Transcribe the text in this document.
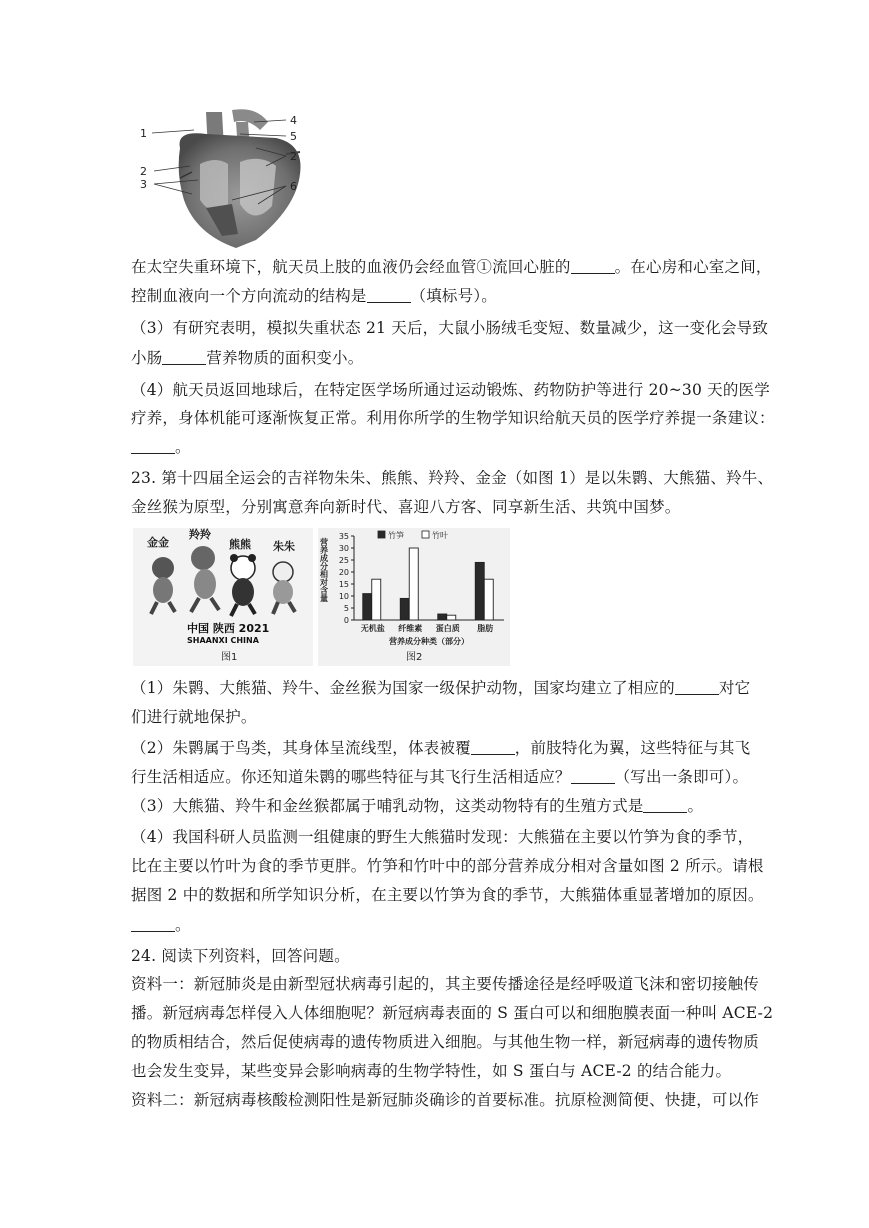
1
2
3
4
5
2
6
在太空失重环境下，航天员上肢的血液仍会经血管①流回心脏的	。在心房和心室之间，
控制血液向一个方向流动的结构是	（填标号）。
（3）有研究表明，模拟失重状态 21 天后，大鼠小肠绒毛变短、数量减少，这一变化会导致
小肠	营养物质的面积变小。
（4）航天员返回地球后，在特定医学场所通过运动锻炼、药物防护等进行 20~30 天的医学
疗养，身体机能可逐渐恢复正常。利用你所学的生物学知识给航天员的医学疗养提一条建议：
。
23. 第十四届全运会的吉祥物朱朱、熊熊、羚羚、金金（如图 1）是以朱鹮、大熊猫、羚牛、
金丝猴为原型，分别寓意奔向新时代、喜迎八方客、同享新生活、共筑中国梦。
金金
羚羚
熊熊 朱朱
中国 陕西 2021
SHAANXI CHINA
图1
营养成分相对含量
0
5
10
15
20
25
30
35	竹笋	竹叶
无机盐 纤维素 蛋白质 脂肪
营养成分种类（部分）
图2
（1）朱鹮、大熊猫、羚牛、金丝猴为国家一级保护动物，国家均建立了相应的	对它
们进行就地保护。
（2）朱鹮属于鸟类，其身体呈流线型，体表被覆	，前肢特化为翼，这些特征与其飞
行生活相适应。你还知道朱鹮的哪些特征与其飞行生活相适应？	（写出一条即可）。
（3）大熊猫、羚牛和金丝猴都属于哺乳动物，这类动物特有的生殖方式是	。
（4）我国科研人员监测一组健康的野生大熊猫时发现：大熊猫在主要以竹笋为食的季节，
比在主要以竹叶为食的季节更胖。竹笋和竹叶中的部分营养成分相对含量如图 2 所示。请根
据图 2 中的数据和所学知识分析，在主要以竹笋为食的季节，大熊猫体重显著增加的原因。
。
24. 阅读下列资料，回答问题。
资料一：新冠肺炎是由新型冠状病毒引起的，其主要传播途径是经呼吸道飞沫和密切接触传
播。新冠病毒怎样侵入人体细胞呢？新冠病毒表面的 S 蛋白可以和细胞膜表面一种叫 ACE-2
的物质相结合，然后促使病毒的遗传物质进入细胞。与其他生物一样，新冠病毒的遗传物质
也会发生变异，某些变异会影响病毒的生物学特性，如 S 蛋白与 ACE-2 的结合能力。
资料二：新冠病毒核酸检测阳性是新冠肺炎确诊的首要标准。抗原检测简便、快捷，可以作
